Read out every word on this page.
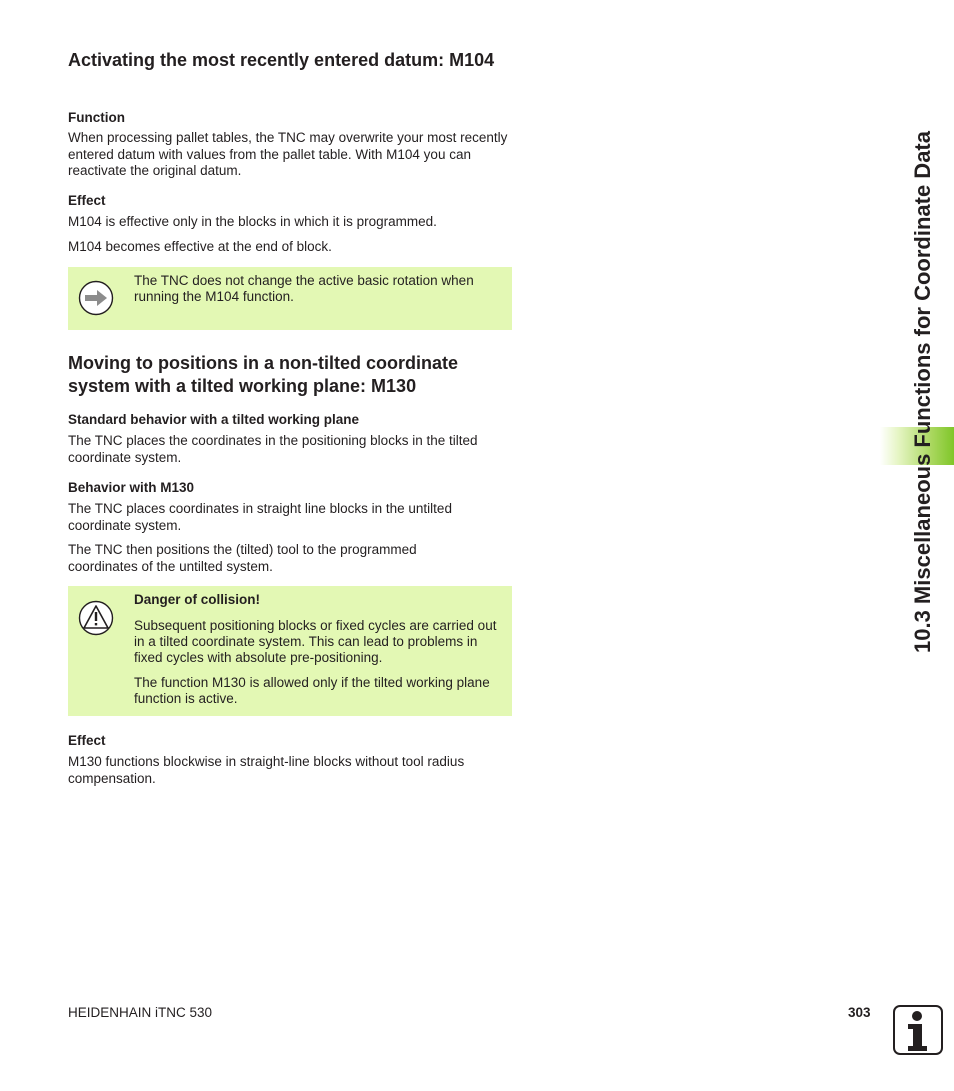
Activating the most recently entered datum: M104
Function

When processing pallet tables, the TNC may overwrite your most recently entered datum with values from the pallet table. With M104 you can reactivate the original datum.

Effect

M104 is effective only in the blocks in which it is programmed.

M104 becomes effective at the end of block.

The TNC does not change the active basic rotation when running the M104 function.

Moving to positions in a non-tilted coordinate system with a tilted working plane: M130
Standard behavior with a tilted working plane

The TNC places the coordinates in the positioning blocks in the tilted coordinate system.

Behavior with M130

The TNC places coordinates in straight line blocks in the untilted coordinate system.

The TNC then positions the (tilted) tool to the programmed coordinates of the untilted system.

Danger of collision!

Subsequent positioning blocks or fixed cycles are carried out in a tilted coordinate system. This can lead to problems in fixed cycles with absolute pre-positioning.

The function M130 is allowed only if the tilted working plane function is active.

Effect

M130 functions blockwise in straight-line blocks without tool radius compensation.

10.3 Miscellaneous Functions for Coordinate Data
HEIDENHAIN iTNC 530	303
